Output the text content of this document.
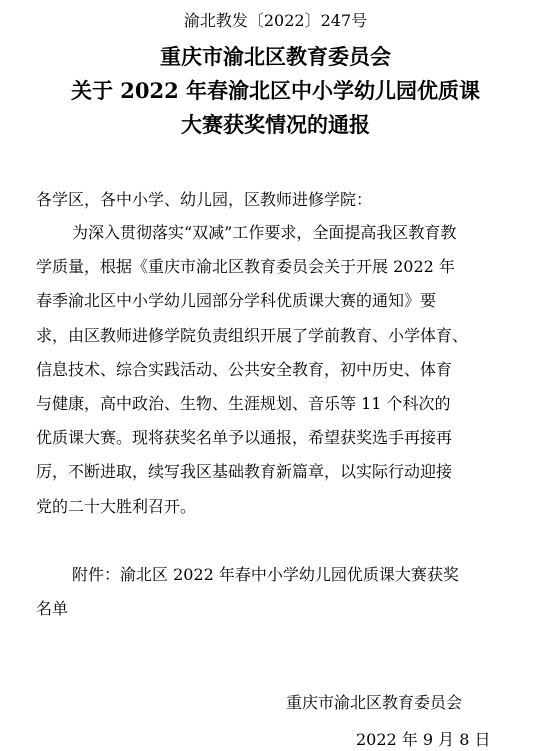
渝北教发〔2022〕247号
重庆市渝北区教育委员会
关于 2022 年春渝北区中小学幼儿园优质课
大赛获奖情况的通报
各学区，各中小学、幼儿园，区教师进修学院：
为深入贯彻落实“双减”工作要求，全面提高我区教育教
学质量，根据《重庆市渝北区教育委员会关于开展 2022 年
春季渝北区中小学幼儿园部分学科优质课大赛的通知》要
求，由区教师进修学院负责组织开展了学前教育、小学体育、
信息技术、综合实践活动、公共安全教育，初中历史、体育
与健康，高中政治、生物、生涯规划、音乐等 11 个科次的
优质课大赛。现将获奖名单予以通报，希望获奖选手再接再
厉，不断进取，续写我区基础教育新篇章，以实际行动迎接
党的二十大胜利召开。
附件：渝北区 2022 年春中小学幼儿园优质课大赛获奖
名单
重庆市渝北区教育委员会
2022 年 9 月 8 日
